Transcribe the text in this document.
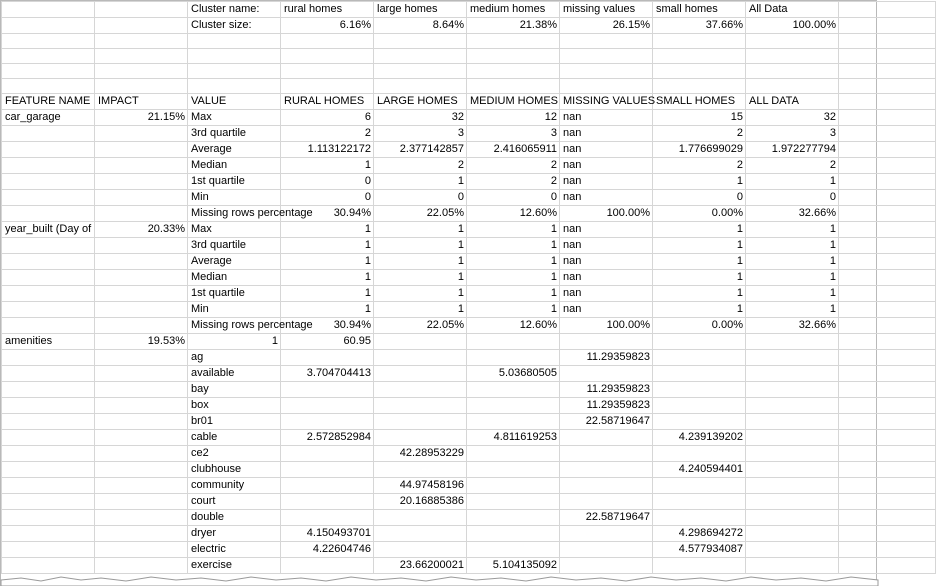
		Cluster name:	rural homes	large homes	medium homes	missing values	small homes	All Data	
		Cluster size:	6.16%	8.64%	21.38%	26.15%	37.66%	100.00%	

FEATURE NAME	IMPACT	VALUE	RURAL HOMES	LARGE HOMES	MEDIUM HOMES	MISSING VALUES	SMALL HOMES	ALL DATA	
car_garage	21.15%	Max	6	32	12	nan	15	32	
		3rd quartile	2	3	3	nan	2	3	
		Average	1.113122172	2.377142857	2.416065911	nan	1.776699029	1.972277794	
		Median	1	2	2	nan	2	2	
		1st quartile	0	1	2	nan	1	1	
		Min	0	0	0	nan	0	0	
		Missing rows percentage	30.94%	22.05%	12.60%	100.00%	0.00%	32.66%	
year_built (Day of	20.33%	Max	1	1	1	nan	1	1	
		3rd quartile	1	1	1	nan	1	1	
		Average	1	1	1	nan	1	1	
		Median	1	1	1	nan	1	1	
		1st quartile	1	1	1	nan	1	1	
		Min	1	1	1	nan	1	1	
		Missing rows percentage	30.94%	22.05%	12.60%	100.00%	0.00%	32.66%	
amenities	19.53%	1	60.95						
		ag				11.29359823			
		available	3.704704413		5.03680505				
		bay				11.29359823			
		box				11.29359823			
		br01				22.58719647			
		cable	2.572852984		4.811619253		4.239139202		
		ce2		42.28953229					
		clubhouse					4.240594401		
		community		44.97458196					
		court		20.16885386					
		double				22.58719647			
		dryer	4.150493701				4.298694272		
		electric	4.22604746				4.577934087		
		exercise		23.66200021	5.104135092				
